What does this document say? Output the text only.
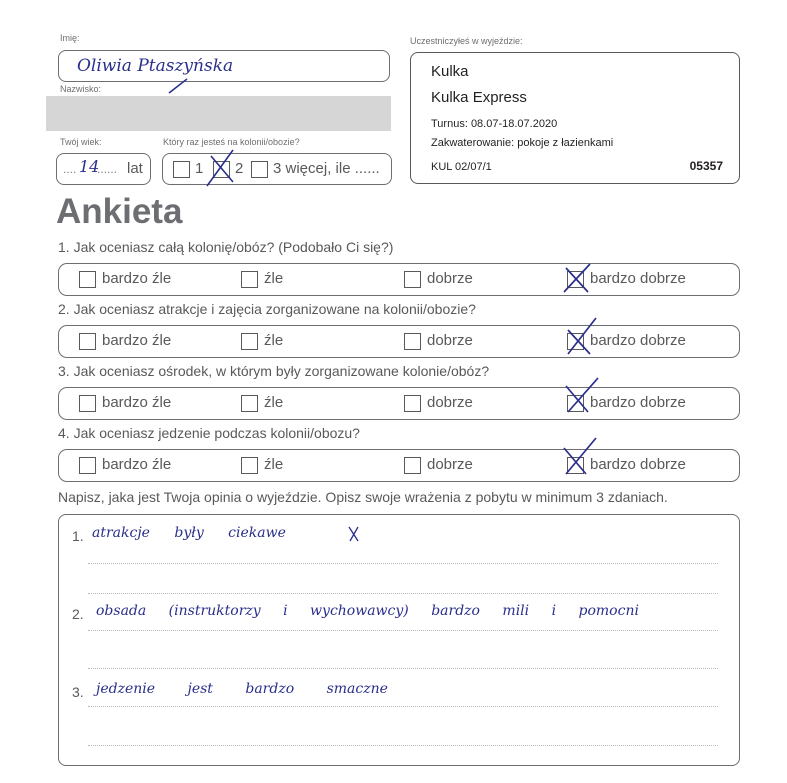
Imię:
Oliwia Ptaszyńska
Nazwisko:
Twój wiek:
.... 14
...... lat
Który raz jesteś na kolonii/obozie?
1 2 3 więcej, ile ......
Uczestniczyłeś w wyjeździe:
Kulka
Kulka Express
Turnus: 08.07-18.07.2020
Zakwaterowanie: pokoje z łazienkami
KUL 02/07/1	05357
Ankieta
1. Jak oceniasz całą kolonię/obóz? (Podobało Ci się?)
bardzo źle	źle	dobrze	bardzo dobrze
2. Jak oceniasz atrakcje i zajęcia zorganizowane na kolonii/obozie?
bardzo źle	źle	dobrze	bardzo dobrze
3. Jak oceniasz ośrodek, w którym były zorganizowane kolonie/obóz?
bardzo źle	źle	dobrze	bardzo dobrze
4. Jak oceniasz jedzenie podczas kolonii/obozu?
bardzo źle	źle	dobrze	bardzo dobrze
Napisz, jaka jest Twoja opinia o wyjeździe. Opisz swoje wrażenia z pobytu w minimum 3 zdaniach.
1. atrakcje były ciekawe
2. obsada (instruktorzy i wychowawcy) bardzo mili i pomocni
3. jedzenie jest bardzo smaczne
